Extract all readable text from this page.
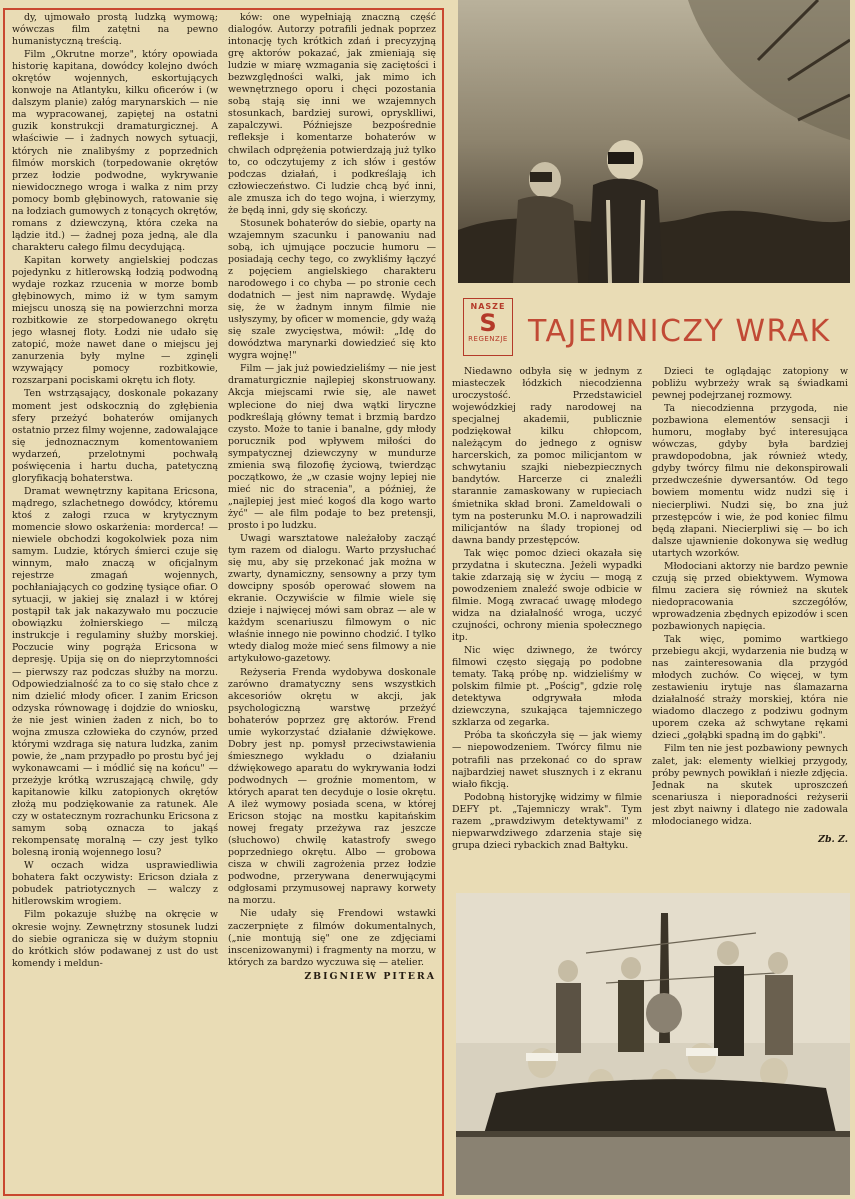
dy, ujmowało prostą ludzką wymową; wówczas film zatętni na pewno humanistyczną treścią.

Film „Okrutne morze", który opowiada historię kapitana, dowódcy kolejno dwóch okrętów wojennych, eskortujących konwoje na Atlantyku, kilku oficerów i (w dalszym planie) załóg marynarskich — nie ma wypracowanej, zapiętej na ostatni guzik konstrukcji dramaturgicznej. A właściwie — i żadnych nowych sytuacji, których nie znalibyśmy z poprzednich filmów morskich (torpedowanie okrętów przez łodzie podwodne, wykrywanie niewidocznego wroga i walka z nim przy pomocy bomb głębinowych, ratowanie się na łodziach gumowych z tonących okrętów, romans z dziewczyną, która czeka na lądzie itd.) — żadnej poza jedną, ale dla charakteru całego filmu decydującą.

Kapitan korwety angielskiej podczas pojedynku z hitlerowską łodzią podwodną wydaje rozkaz rzucenia w morze bomb głębinowych, mimo iż w tym samym miejscu unoszą się na powierzchni morza rozbitkowie ze storpedowanego okrętu jego własnej floty. Łodzi nie udało się zatopić, może nawet dane o miejscu jej zanurzenia były mylne — zginęli wzywający pomocy rozbitkowie, rozszarpani pociskami okrętu ich floty.

Ten wstrząsający, doskonale pokazany moment jest odskocznią do zgłębienia sfery przeżyć bohaterów omijanych ostatnio przez filmy wojenne, zadowalające się jednoznacznym komentowaniem wydarzeń, przelotnymi pochwałą poświęcenia i hartu ducha, patetyczną gloryfikacją bohaterstwa.

Dramat wewnętrzny kapitana Ericsona, mądrego, szlachetnego dowódcy, któremu ktoś z załogi rzuca w krytycznym momencie słowo oskarżenia: morderca! — niewiele obchodzi kogokolwiek poza nim samym. Ludzie, których śmierci czuje się winnym, mało znaczą w oficjalnym rejestrze zmagań wojennych, pochłaniających co godzinę tysiące ofiar. O sytuacji, w jakiej się znalazł i w której postąpił tak jak nakazywało mu poczucie obowiązku żołnierskiego — milczą instrukcje i regulaminy służby morskiej. Poczucie winy pogrąża Ericsona w depresję. Upija się on do nieprzytomności — pierwszy raz podczas służby na morzu. Odpowiedzialność za to co się stało chce z nim dzielić młody oficer. I zanim Ericson odzyska równowagę i dojdzie do wniosku, że nie jest winien żaden z nich, bo to wojna zmusza człowieka do czynów, przed którymi wzdraga się natura ludzka, zanim powie, że „nam przypadło po prostu być jej wykonawcami — i módlić się na końcu" — przeżyje krótką wzruszającą chwilę, gdy kapitanowie kilku zatopionych okrętów złożą mu podziękowanie za ratunek. Ale czy w ostatecznym rozrachunku Ericsona z samym sobą oznacza to jakąś rekompensatę moralną — czy jest tylko bolesną ironią wojennego losu?

W oczach widza usprawiedliwia bohatera fakt oczywisty: Ericson działa z pobudek patriotycznych — walczy z hitlerowskim wrogiem.

Film pokazuje służbę na okręcie w okresie wojny. Zewnętrzny stosunek ludzi do siebie ogranicza się w dużym stopniu do krótkich słów podawanej z ust do ust komendy i meldun-

ków: one wypełniają znaczną część dialogów. Autorzy potrafili jednak poprzez intonację tych krótkich zdań i precyzyjną grę aktorów pokazać, jak zmieniają się ludzie w miarę wzmagania się zaciętości i bezwzględności walki, jak mimo ich wewnętrznego oporu i chęci pozostania sobą stają się inni we wzajemnych stosunkach, bardziej surowi, oprysklliwi, zapalczywi. Późniejsze bezpośrednie refleksje i komentarze bohaterów w chwilach odprężenia potwierdzają już tylko to, co odczytujemy z ich słów i gestów podczas działań, i podkreślają ich człowieczeństwo. Ci ludzie chcą być inni, ale zmusza ich do tego wojna, i wierzymy, że będą inni, gdy się skończy.

Stosunek bohaterów do siebie, oparty na wzajemnym szacunku i panowaniu nad sobą, ich ujmujące poczucie humoru — posiadają cechy tego, co zwykliśmy łączyć z pojęciem angielskiego charakteru narodowego i co chyba — po stronie cech dodatnich — jest nim naprawdę. Wydaje się, że w żadnym innym filmie nie usłyszymy, by oficer w momencie, gdy ważą się szale zwycięstwa, mówił: „Idę do dowództwa marynarki dowiedzieć się kto wygra wojnę!"

Film — jak już powiedzieliśmy — nie jest dramaturgicznie najlepiej skonstruowany. Akcja miejscami rwie się, ale nawet wplecione do niej dwa wątki liryczne podkreślają główny temat i brzmią bardzo czysto. Może to tanie i banalne, gdy młody porucznik pod wpływem miłości do sympatycznej dziewczyny w mundurze zmienia swą filozofię życiową, twierdząc początkowo, że „w czasie wojny lepiej nie mieć nic do stracenia", a później, że „najlepiej jest mieć kogoś dla kogo warto żyć" — ale film podaje to bez pretensji, prosto i po ludzku.

Uwagi warsztatowe należałoby zacząć tym razem od dialogu. Warto przysłuchać się mu, aby się przekonać jak można w zwarty, dynamiczny, sensowny a przy tym dowcipny sposób operować słowem na ekranie. Oczywiście w filmie wiele się dzieje i najwięcej mówi sam obraz — ale w każdym scenariuszu filmowym o nic właśnie innego nie powinno chodzić. I tylko wtedy dialog może mieć sens filmowy a nie artykułowo-gazetowy.

Reżyseria Frenda wydobywa doskonale zarówno dramatyczny sens wszystkich akcesoriów okrętu w akcji, jak psychologiczną warstwę przeżyć bohaterów poprzez grę aktorów. Frend umie wykorzystać działanie dźwiękowe. Dobry jest np. pomysł przeciwstawienia śmiesznego wykładu o działaniu dźwiękowego aparatu do wykrywania łodzi podwodnych — groźnie momentom, w których aparat ten decyduje o losie okrętu. A ileż wymowy posiada scena, w której Ericson stojąc na mostku kapitańskim nowej fregaty przeżywa raz jeszcze (słuchowo) chwilę katastrofy swego poprzedniego okrętu. Albo — grobowa cisza w chwili zagrożenia przez łodzie podwodne, przerywana denerwującymi odgłosami przymusowej naprawy korwety na morzu.

Nie udały się Frendowi wstawki zaczerpnięte z filmów dokumentalnych, („nie montują się" one ze zdjęciami inscenizowanymi) i fragmenty na morzu, w których za bardzo wyczuwa się — atelier.

ZBIGNIEW PITERA

NASZE
S
REGENZJE TAJEMNICZY WRAK

Niedawno odbyła się w jednym z miasteczek łódzkich niecodzienna uroczystość. Przedstawiciel wojewódzkiej rady narodowej na specjalnej akademii, publicznie podziękował kilku chłopcom, należącym do jednego z ognisw harcerskich, za pomoc milicjantom w schwytaniu szajki niebezpiecznych bandytów. Harcerze ci znaleźli starannie zamaskowany w rupieciach śmietnika skład broni. Zameldowali o tym na posterunku M.O. i naprowadzili milicjantów na ślady tropionej od dawna bandy przestępców.

Tak więc pomoc dzieci okazała się przydatna i skuteczna. Jeżeli wypadki takie zdarzają się w życiu — mogą z powodzeniem znaleźć swoje odbicie w filmie. Mogą zwracać uwagę młodego widza na działalność wroga, uczyć czujności, ochrony mienia społecznego itp.

Nic więc dziwnego, że twórcy filmowi często sięgają po podobne tematy. Taką próbę np. widzieliśmy w polskim filmie pt. „Pościg", gdzie rolę detektywa odgrywała młoda dziewczyna, szukająca tajemniczego szklarza od zegarka.

Próba ta skończyła się — jak wiemy — niepowodzeniem. Twórcy filmu nie potrafili nas przekonać co do spraw najbardziej nawet słusznych i z ekranu wiało fikcją.

Podobną historyjkę widzimy w filmie DEFY pt. „Tajemniczy wrak". Tym razem „prawdziwym detektywami" z niepwarwdziwego zdarzenia staje się grupa dzieci rybackich znad Bałtyku.

Dzieci te oglądając zatopiony w pobliżu wybrzeży wrak są świadkami pewnej podejrzanej rozmowy.

Ta niecodzienna przygoda, nie pozbawiona elementów sensacji i humoru, mogłaby być interesująca wówczas, gdyby była bardziej prawdopodobna, jak również wtedy, gdyby twórcy filmu nie dekonspirowali przedwcześnie dywersantów. Od tego bowiem momentu widz nudzi się i niecierpliwi. Nudzi się, bo zna już przestępców i wie, że pod koniec filmu będą złapani. Niecierpliwi się — bo ich dalsze ujawnienie dokonywa się według utartych wzorków.

Młodociani aktorzy nie bardzo pewnie czują się przed obiektywem. Wymowa filmu zaciera się również na skutek niedopracowania szczegółów, wprowadzenia zbędnych epizodów i scen pozbawionych napięcia.

Tak więc, pomimo wartkiego przebiegu akcji, wydarzenia nie budzą w nas zainteresowania dla przygód młodych zuchów. Co więcej, w tym zestawieniu irytuje nas ślamazarna działalność straży morskiej, która nie wiadomo dlaczego z podziwu godnym uporem czeka aż schwytane rękami dzieci „gołąbki spadną im do gąbki".

Film ten nie jest pozbawiony pewnych zalet, jak: elementy wielkiej przygody, próby pewnych powikłań i niezłe zdjęcia. Jednak na skutek uproszczeń scenariusza i nieporadności reżyserii jest zbyt naiwny i dlatego nie zadowala młodocianego widza.

Zb. Z.
